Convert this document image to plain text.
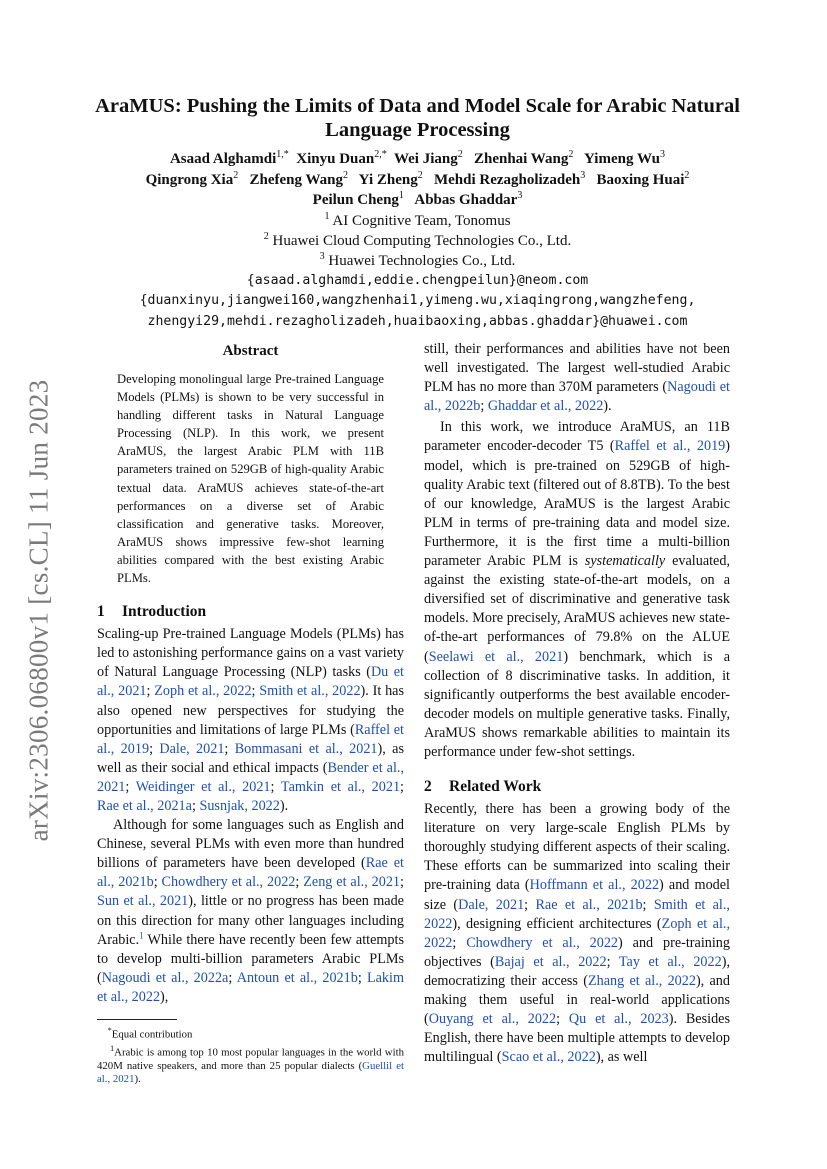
arXiv:2306.06800v1 [cs.CL] 11 Jun 2023
AraMUS: Pushing the Limits of Data and Model Scale for Arabic Natural
Language Processing
Asaad Alghamdi$^{1,*}$ Xinyu Duan$^{2,*}$ Wei Jiang$^2$ Zhenhai Wang$^2$ Yimeng Wu$^3$
Qingrong Xia$^2$ Zhefeng Wang$^2$ Yi Zheng$^2$ Mehdi Rezagholizadeh$^3$ Baoxing Huai$^2$
Peilun Cheng$^1$ Abbas Ghaddar$^3$
$^1$ AI Cognitive Team, Tonomus
$^2$ Huawei Cloud Computing Technologies Co., Ltd.
$^3$ Huawei Technologies Co., Ltd.
{asaad.alghamdi,eddie.chengpeilun}@neom.com
{duanxinyu,jiangwei160,wangzhenhai1,yimeng.wu,xiaqingrong,wangzhefeng,
zhengyi29,mehdi.rezagholizadeh,huaibaoxing,abbas.ghaddar}@huawei.com
Abstract
Developing monolingual large Pre-trained Language Models (PLMs) is shown to be very successful in handling different tasks in Natural Language Processing (NLP). In this work, we present AraMUS, the largest Arabic PLM with 11B parameters trained on 529GB of high-quality Arabic textual data. AraMUS achieves state-of-the-art performances on a diverse set of Arabic classification and generative tasks. Moreover, AraMUS shows impressive few-shot learning abilities compared with the best existing Arabic PLMs.
1 Introduction

Scaling-up Pre-trained Language Models (PLMs) has led to astonishing performance gains on a vast variety of Natural Language Processing (NLP) tasks (Du et al., 2021; Zoph et al., 2022; Smith et al., 2022). It has also opened new perspectives for studying the opportunities and limitations of large PLMs (Raffel et al., 2019; Dale, 2021; Bommasani et al., 2021), as well as their social and ethical impacts (Bender et al., 2021; Weidinger et al., 2021; Tamkin et al., 2021; Rae et al., 2021a; Susnjak, 2022).

Although for some languages such as English and Chinese, several PLMs with even more than hundred billions of parameters have been developed (Rae et al., 2021b; Chowdhery et al., 2022; Zeng et al., 2021; Sun et al., 2021), little or no progress has been made on this direction for many other languages including Arabic.$^1$ While there have recently been few attempts to develop multi-billion parameters Arabic PLMs (Nagoudi et al., 2022a; Antoun et al., 2021b; Lakim et al., 2022),

*Equal contribution

$^1$Arabic is among top 10 most popular languages in the world with 420M native speakers, and more than 25 popular dialects (Guellil et al., 2021).

still, their performances and abilities have not been well investigated. The largest well-studied Arabic PLM has no more than 370M parameters (Nagoudi et al., 2022b; Ghaddar et al., 2022).

In this work, we introduce AraMUS, an 11B parameter encoder-decoder T5 (Raffel et al., 2019) model, which is pre-trained on 529GB of high-quality Arabic text (filtered out of 8.8TB). To the best of our knowledge, AraMUS is the largest Arabic PLM in terms of pre-training data and model size. Furthermore, it is the first time a multi-billion parameter Arabic PLM is systematically evaluated, against the existing state-of-the-art models, on a diversified set of discriminative and generative task models. More precisely, AraMUS achieves new state-of-the-art performances of 79.8% on the ALUE (Seelawi et al., 2021) benchmark, which is a collection of 8 discriminative tasks. In addition, it significantly outperforms the best available encoder-decoder models on multiple generative tasks. Finally, AraMUS shows remarkable abilities to maintain its performance under few-shot settings.

2 Related Work

Recently, there has been a growing body of the literature on very large-scale English PLMs by thoroughly studying different aspects of their scaling. These efforts can be summarized into scaling their pre-training data (Hoffmann et al., 2022) and model size (Dale, 2021; Rae et al., 2021b; Smith et al., 2022), designing efficient architectures (Zoph et al., 2022; Chowdhery et al., 2022) and pre-training objectives (Bajaj et al., 2022; Tay et al., 2022), democratizing their access (Zhang et al., 2022), and making them useful in real-world applications (Ouyang et al., 2022; Qu et al., 2023). Besides English, there have been multiple attempts to develop multilingual (Scao et al., 2022), as well
